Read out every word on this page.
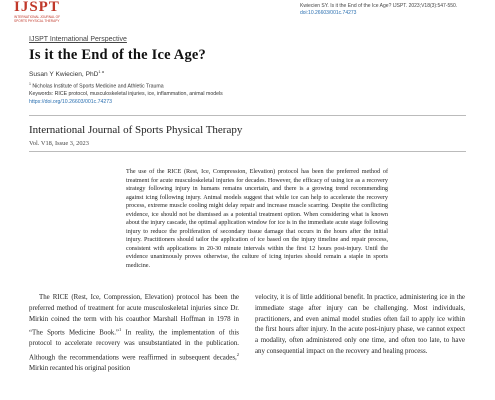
IJSPT
INTERNATIONAL JOURNAL OF SPORTS PHYSICAL THERAPY
Kwiecien SY. Is it the End of the Ice Age? IJSPT. 2023;V18(3):547-550.
doi:10.26603/001c.74273
IJSPT International Perspective
Is it the End of the Ice Age?
Susan Y Kwiecien, PhD$^{1 a}$
$^1$ Nicholas Institute of Sports Medicine and Athletic Trauma
Keywords: RICE protocol, musculoskeletal injuries, ice, inflammation, animal models
https://doi.org/10.26603/001c.74273
International Journal of Sports Physical Therapy
Vol. V18, Issue 3, 2023
The use of the RICE (Rest, Ice, Compression, Elevation) protocol has been the preferred method of treatment for acute musculoskeletal injuries for decades. However, the efficacy of using ice as a recovery strategy following injury in humans remains uncertain, and there is a growing trend recommending against icing following injury. Animal models suggest that while ice can help to accelerate the recovery process, extreme muscle cooling might delay repair and increase muscle scarring. Despite the conflicting evidence, ice should not be dismissed as a potential treatment option. When considering what is known about the injury cascade, the optimal application window for ice is in the immediate acute stage following injury to reduce the proliferation of secondary tissue damage that occurs in the hours after the initial injury. Practitioners should tailor the application of ice based on the injury timeline and repair process, consistent with applications in 20-30 minute intervals within the first 12 hours post-injury. Until the evidence unanimously proves otherwise, the culture of icing injuries should remain a staple in sports medicine.
The RICE (Rest, Ice, Compression, Elevation) protocol has been the preferred method of treatment for acute musculoskeletal injuries since Dr. Mirkin coined the term with his coauthor Marshall Hoffman in 1978 in “The Sports Medicine Book.”$^1$ In reality, the implementation of this protocol to accelerate recovery was unsubstantiated in the publication. Although the recommendations were reaffirmed in subsequent decades,$^2$ Mirkin recanted his original position
velocity, it is of little additional benefit. In practice, administering ice in the immediate stage after injury can be challenging. Most individuals, practitioners, and even animal model studies often fail to apply ice within the first hours after injury. In the acute post-injury phase, we cannot expect a modality, often administered only one time, and often too late, to have any consequential impact on the recovery and healing process.
